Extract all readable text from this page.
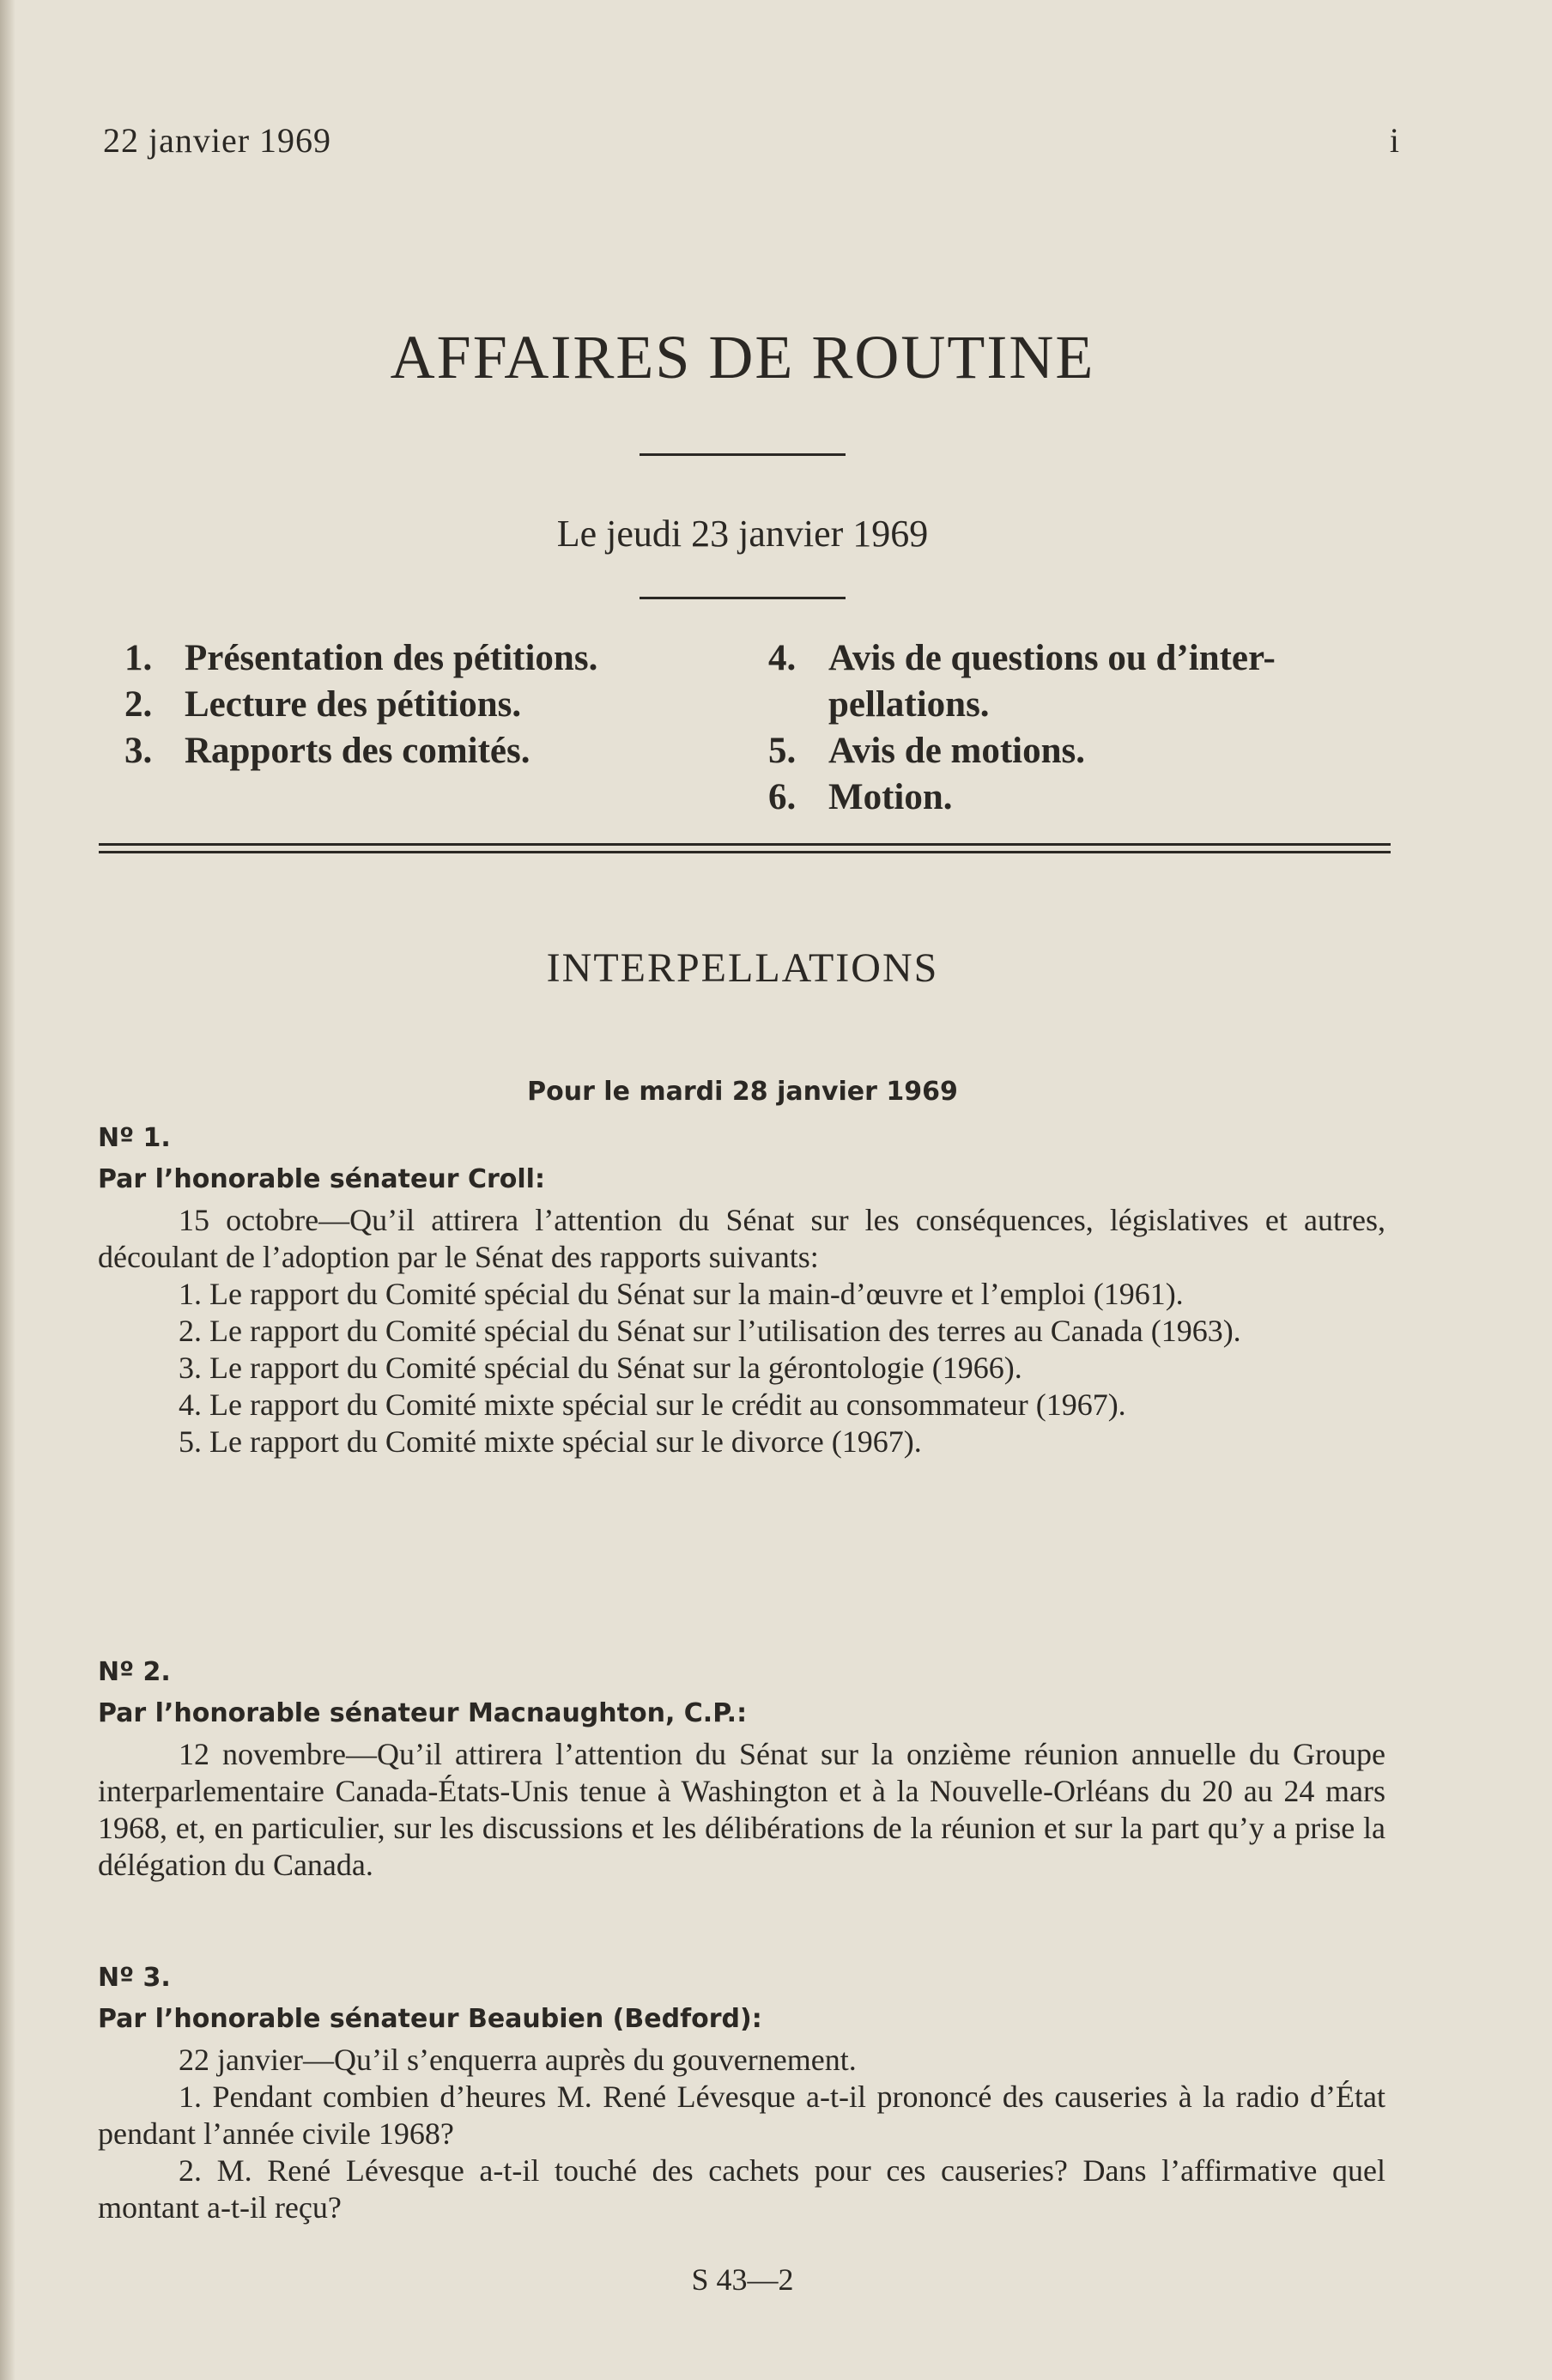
22 janvier 1969	i
AFFAIRES DE ROUTINE
Le jeudi 23 janvier 1969
1. Présentation des pétitions.
2. Lecture des pétitions.
3. Rapports des comités.
4. Avis de questions ou d’inter-pellations.
5. Avis de motions.
6. Motion.
INTERPELLATIONS
Pour le mardi 28 janvier 1969
Nº 1.
Par l’honorable sénateur Croll:

15 octobre—Qu’il attirera l’attention du Sénat sur les conséquences, législatives et autres, découlant de l’adoption par le Sénat des rapports suivants:

1. Le rapport du Comité spécial du Sénat sur la main-d’œuvre et l’emploi (1961).

2. Le rapport du Comité spécial du Sénat sur l’utilisation des terres au Canada (1963).

3. Le rapport du Comité spécial du Sénat sur la gérontologie (1966).

4. Le rapport du Comité mixte spécial sur le crédit au consommateur (1967).

5. Le rapport du Comité mixte spécial sur le divorce (1967).

Nº 2.
Par l’honorable sénateur Macnaughton, C.P.:

12 novembre—Qu’il attirera l’attention du Sénat sur la onzième réunion annuelle du Groupe interparlementaire Canada-États-Unis tenue à Washington et à la Nouvelle-Orléans du 20 au 24 mars 1968, et, en particulier, sur les discussions et les délibérations de la réunion et sur la part qu’y a prise la délégation du Canada.

Nº 3.
Par l’honorable sénateur Beaubien (Bedford):

22 janvier—Qu’il s’enquerra auprès du gouvernement.

1. Pendant combien d’heures M. René Lévesque a-t-il prononcé des causeries à la radio d’État pendant l’année civile 1968?

2. M. René Lévesque a-t-il touché des cachets pour ces causeries? Dans l’affirmative quel montant a-t-il reçu?

S 43—2
